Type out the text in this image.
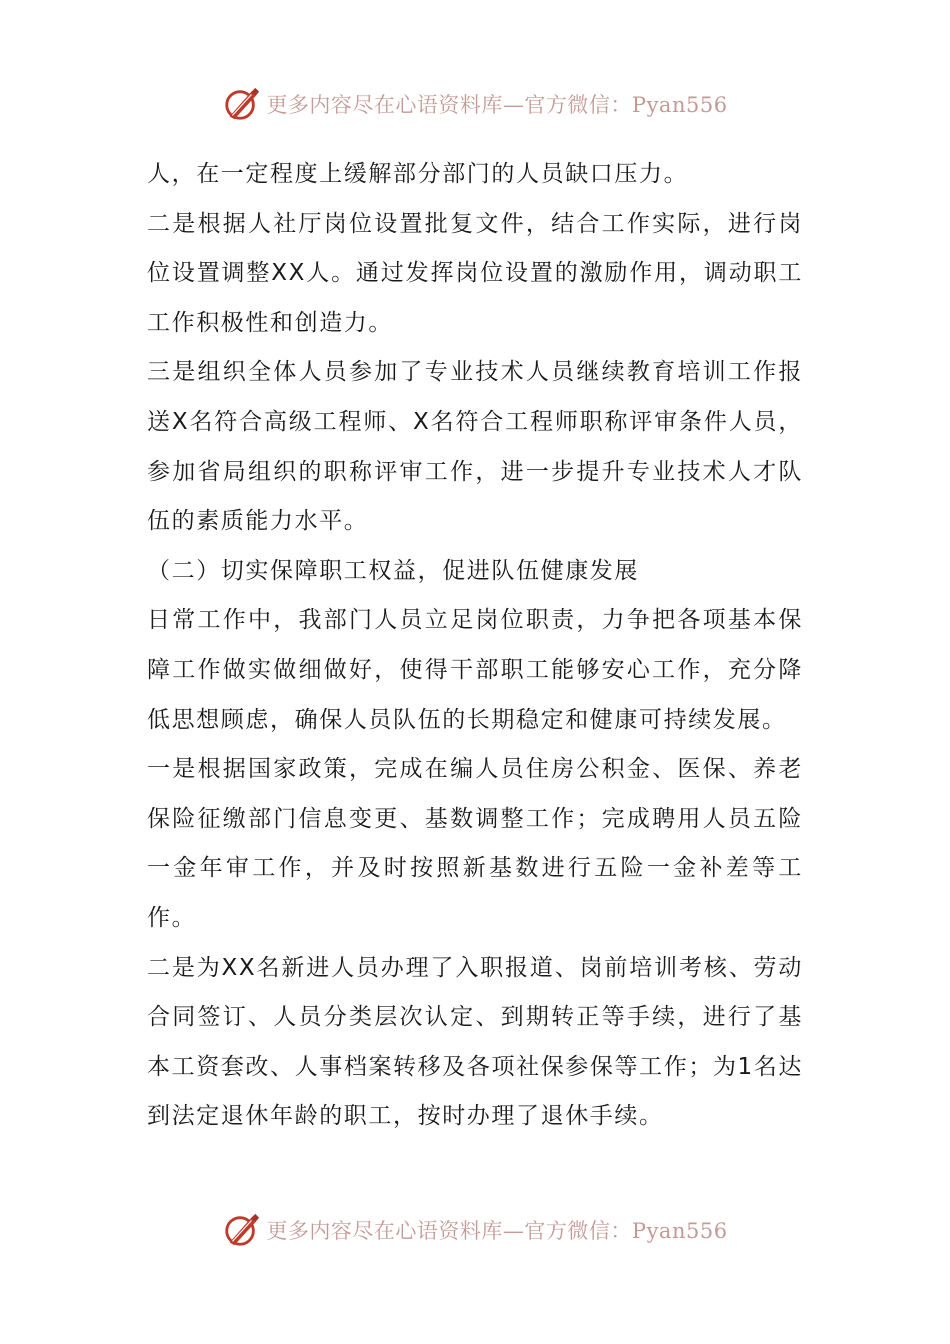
更多内容尽在心语资料库—官方微信：Pyan556

人，在一定程度上缓解部分部门的人员缺口压力。

二是根据人社厅岗位设置批复文件，结合工作实际，进行岗位设置调整XX人。通过发挥岗位设置的激励作用，调动职工工作积极性和创造力。

三是组织全体人员参加了专业技术人员继续教育培训工作报送X名符合高级工程师、X名符合工程师职称评审条件人员，参加省局组织的职称评审工作，进一步提升专业技术人才队伍的素质能力水平。

（二）切实保障职工权益，促进队伍健康发展

日常工作中，我部门人员立足岗位职责，力争把各项基本保障工作做实做细做好，使得干部职工能够安心工作，充分降低思想顾虑，确保人员队伍的长期稳定和健康可持续发展。

一是根据国家政策，完成在编人员住房公积金、医保、养老保险征缴部门信息变更、基数调整工作；完成聘用人员五险一金年审工作，并及时按照新基数进行五险一金补差等工作。

二是为XX名新进人员办理了入职报道、岗前培训考核、劳动合同签订、人员分类层次认定、到期转正等手续，进行了基本工资套改、人事档案转移及各项社保参保等工作；为1名达到法定退休年龄的职工，按时办理了退休手续。

更多内容尽在心语资料库—官方微信：Pyan556
